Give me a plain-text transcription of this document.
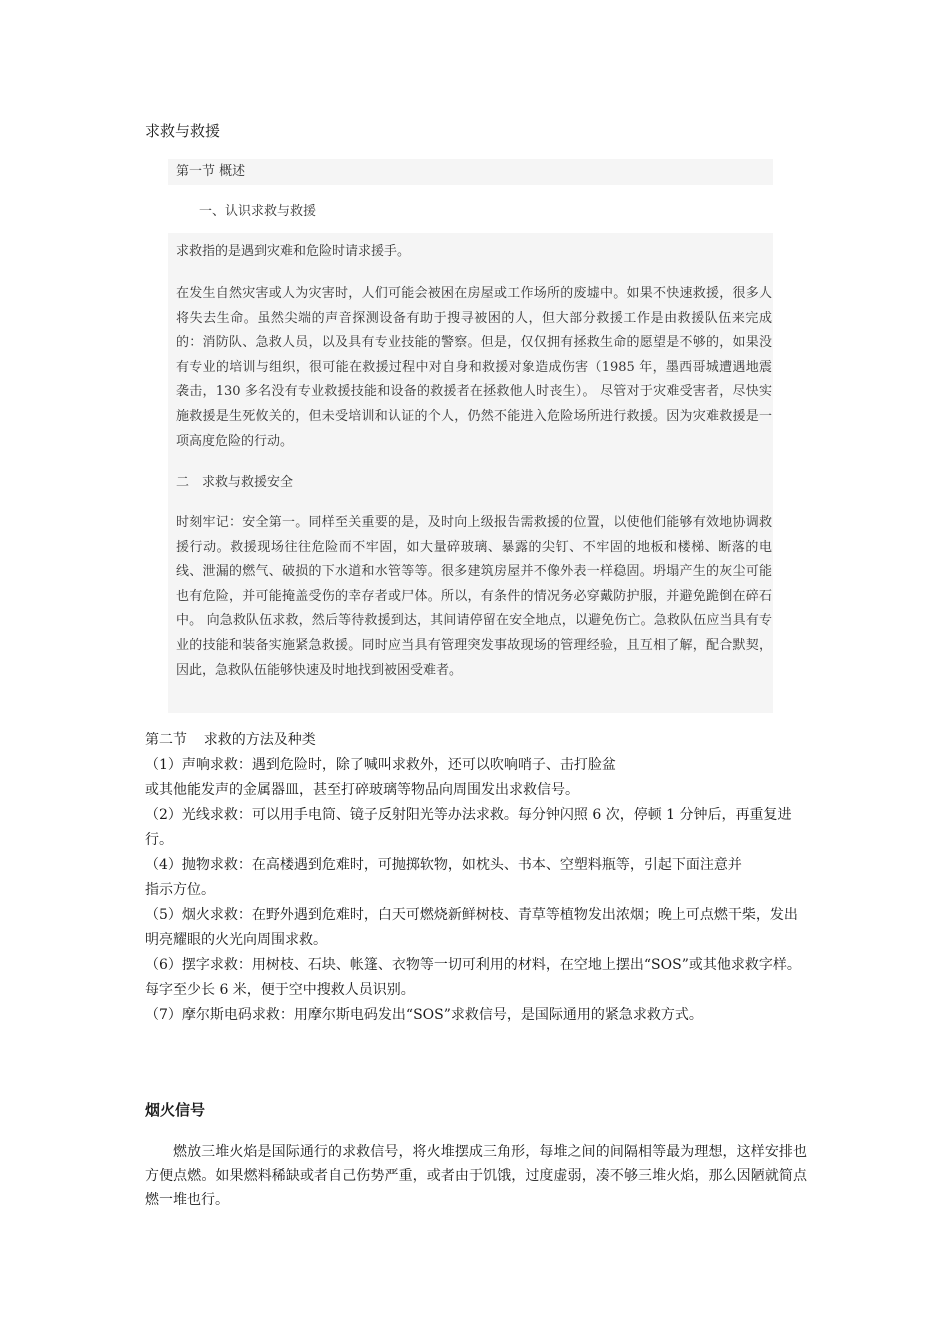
求救与救援

第一节 概述

一、认识求救与救援

求救指的是遇到灾难和危险时请求援手。

在发生自然灾害或人为灾害时，人们可能会被困在房屋或工作场所的废墟中。如果不快速救援，很多人将失去生命。虽然尖端的声音探测设备有助于搜寻被困的人，但大部分救援工作是由救援队伍来完成的：消防队、急救人员，以及具有专业技能的警察。但是，仅仅拥有拯救生命的愿望是不够的，如果没有专业的培训与组织，很可能在救援过程中对自身和救援对象造成伤害（1985 年，墨西哥城遭遇地震袭击，130 多名没有专业救援技能和设备的救援者在拯救他人时丧生）。 尽管对于灾难受害者，尽快实施救援是生死攸关的，但未受培训和认证的个人，仍然不能进入危险场所进行救援。因为灾难救援是一项高度危险的行动。

二　求救与救援安全

时刻牢记：安全第一。同样至关重要的是，及时向上级报告需救援的位置，以使他们能够有效地协调救援行动。救援现场往往危险而不牢固，如大量碎玻璃、暴露的尖钉、不牢固的地板和楼梯、断落的电线、泄漏的燃气、破损的下水道和水管等等。很多建筑房屋并不像外表一样稳固。坍塌产生的灰尘可能也有危险，并可能掩盖受伤的幸存者或尸体。所以，有条件的情况务必穿戴防护服，并避免跪倒在碎石中。 向急救队伍求救，然后等待救援到达，其间请停留在安全地点，以避免伤亡。急救队伍应当具有专业的技能和装备实施紧急救援。同时应当具有管理突发事故现场的管理经验，且互相了解，配合默契，因此，急救队伍能够快速及时地找到被困受难者。

第二节 求救的方法及种类

（1）声响求救：遇到危险时，除了喊叫求救外，还可以吹响哨子、击打脸盆

或其他能发声的金属器皿，甚至打碎玻璃等物品向周围发出求救信号。

（2）光线求救：可以用手电筒、镜子反射阳光等办法求救。每分钟闪照 6 次，停顿 1 分钟后，再重复进行。

（4）抛物求救：在高楼遇到危难时，可抛掷软物，如枕头、书本、空塑料瓶等，引起下面注意并

指示方位。

（5）烟火求救：在野外遇到危难时，白天可燃烧新鲜树枝、青草等植物发出浓烟；晚上可点燃干柴，发出明亮耀眼的火光向周围求救。

（6）摆字求救：用树枝、石块、帐篷、衣物等一切可利用的材料，在空地上摆出“SOS”或其他求救字样。每字至少长 6 米，便于空中搜救人员识别。

（7）摩尔斯电码求救：用摩尔斯电码发出“SOS”求救信号，是国际通用的紧急求救方式。

烟火信号

燃放三堆火焰是国际通行的求救信号，将火堆摆成三角形，每堆之间的间隔相等最为理想，这样安排也方便点燃。如果燃料稀缺或者自己伤势严重，或者由于饥饿，过度虚弱，凑不够三堆火焰，那么因陋就简点燃一堆也行。
